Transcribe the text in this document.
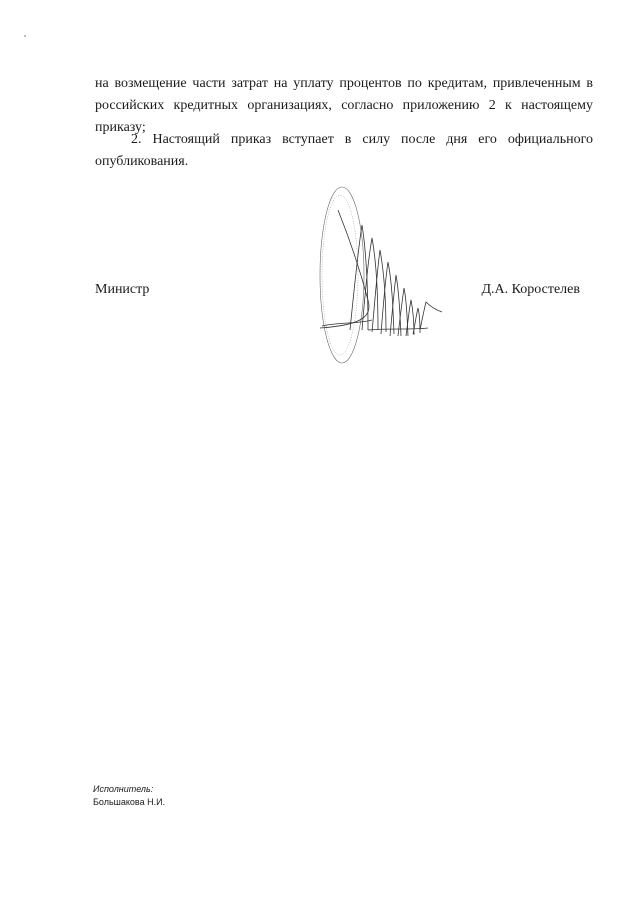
на возмещение части затрат на уплату процентов по кредитам, привлеченным в российских кредитных организациях, согласно приложению 2 к настоящему приказу;

2. Настоящий приказ вступает в силу после дня его официального опубликования.

Министр	Д.А. Коростелев

Исполнитель:
Большакова Н.И.
